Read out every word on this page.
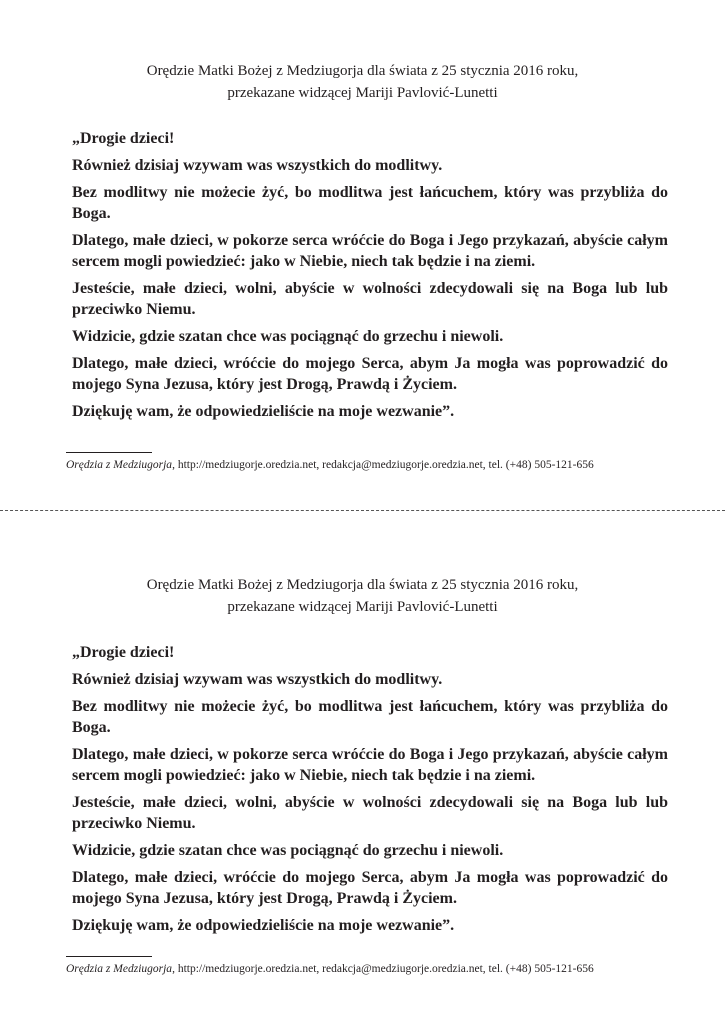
Orędzie Matki Bożej z Medziugorja dla świata z 25 stycznia 2016 roku,
przekazane widzącej Mariji Pavlović-Lunetti

„Drogie dzieci!

Również dzisiaj wzywam was wszystkich do modlitwy.

Bez modlitwy nie możecie żyć, bo modlitwa jest łańcuchem, który was przybliża do Boga.

Dlatego, małe dzieci, w pokorze serca wróćcie do Boga i Jego przykazań, abyście całym sercem mogli powiedzieć: jako w Niebie, niech tak będzie i na ziemi.

Jesteście, małe dzieci, wolni, abyście w wolności zdecydowali się na Boga lub lub przeciwko Niemu.

Widzicie, gdzie szatan chce was pociągnąć do grzechu i niewoli.

Dlatego, małe dzieci, wróćcie do mojego Serca, abym Ja mogła was poprowadzić do mojego Syna Jezusa, który jest Drogą, Prawdą i Życiem.

Dziękuję wam, że odpowiedzieliście na moje wezwanie”.

Orędzia z Medziugorja, http://medziugorje.oredzia.net, redakcja@medziugorje.oredzia.net, tel. (+48) 505-121-656

Orędzie Matki Bożej z Medziugorja dla świata z 25 stycznia 2016 roku,
przekazane widzącej Mariji Pavlović-Lunetti

„Drogie dzieci!

Również dzisiaj wzywam was wszystkich do modlitwy.

Bez modlitwy nie możecie żyć, bo modlitwa jest łańcuchem, który was przybliża do Boga.

Dlatego, małe dzieci, w pokorze serca wróćcie do Boga i Jego przykazań, abyście całym sercem mogli powiedzieć: jako w Niebie, niech tak będzie i na ziemi.

Jesteście, małe dzieci, wolni, abyście w wolności zdecydowali się na Boga lub lub przeciwko Niemu.

Widzicie, gdzie szatan chce was pociągnąć do grzechu i niewoli.

Dlatego, małe dzieci, wróćcie do mojego Serca, abym Ja mogła was poprowadzić do mojego Syna Jezusa, który jest Drogą, Prawdą i Życiem.

Dziękuję wam, że odpowiedzieliście na moje wezwanie”.

Orędzia z Medziugorja, http://medziugorje.oredzia.net, redakcja@medziugorje.oredzia.net, tel. (+48) 505-121-656
